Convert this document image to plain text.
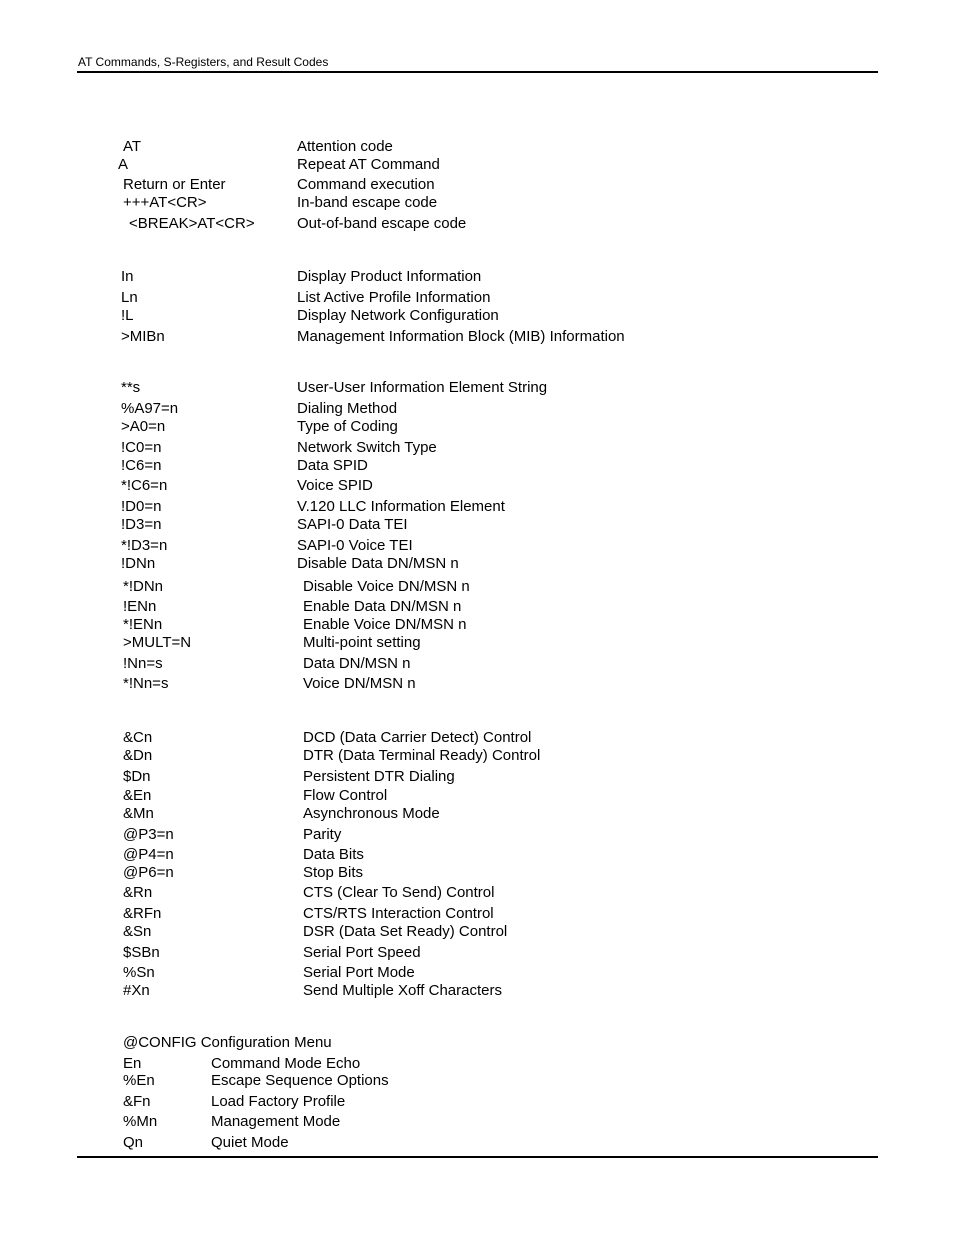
AT Commands, S-Registers, and Result Codes
AT	Attention code
A	Repeat AT Command
Return or Enter	Command execution
+++AT<CR>	In-band escape code
<BREAK>AT<CR>	Out-of-band escape code
In	Display Product Information
Ln	List Active Profile Information
!L	Display Network Configuration
>MIBn	Management Information Block (MIB) Information
**s	User-User Information Element String
%A97=n	Dialing Method
>A0=n	Type of Coding
!C0=n	Network Switch Type
!C6=n	Data SPID
*!C6=n	Voice SPID
!D0=n	V.120 LLC Information Element
!D3=n	SAPI-0 Data TEI
*!D3=n	SAPI-0 Voice TEI
!DNn	Disable Data DN/MSN n
*!DNn	Disable Voice DN/MSN n
!ENn	Enable Data DN/MSN n
*!ENn	Enable Voice DN/MSN n
>MULT=N	Multi-point setting
!Nn=s	Data DN/MSN n
*!Nn=s	Voice DN/MSN n
&Cn	DCD (Data Carrier Detect) Control
&Dn	DTR (Data Terminal Ready) Control
$Dn	Persistent DTR Dialing
&En	Flow Control
&Mn	Asynchronous Mode
@P3=n	Parity
@P4=n	Data Bits
@P6=n	Stop Bits
&Rn	CTS (Clear To Send) Control
&RFn	CTS/RTS Interaction Control
&Sn	DSR (Data Set Ready) Control
$SBn	Serial Port Speed
%Sn	Serial Port Mode
#Xn	Send Multiple Xoff Characters
@CONFIG Configuration Menu
En	Command Mode Echo
%En	Escape Sequence Options
&Fn	Load Factory Profile
%Mn	Management Mode
Qn	Quiet Mode
